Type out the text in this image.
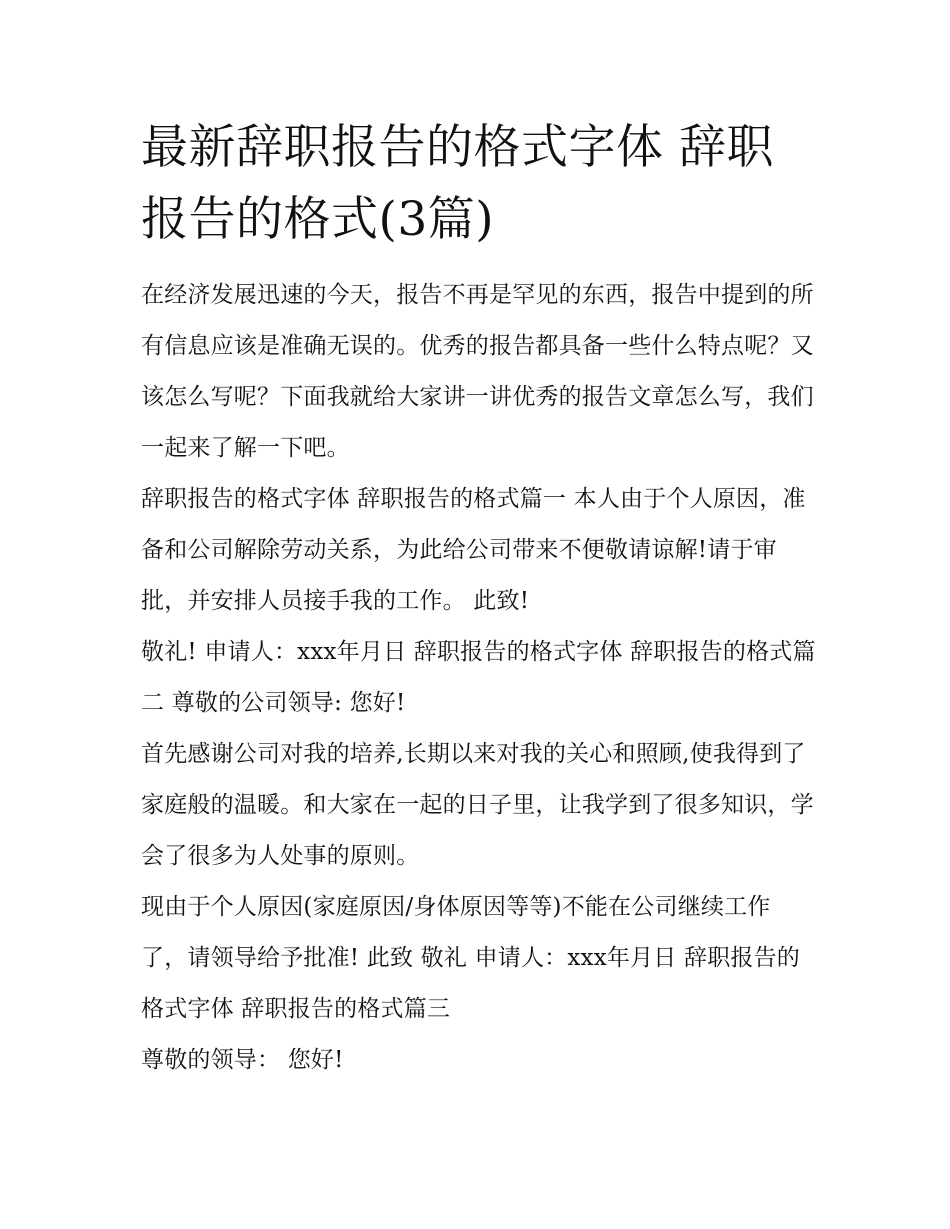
最新辞职报告的格式字体 辞职报告的格式(3篇)

在经济发展迅速的今天，报告不再是罕见的东西，报告中提到的所有信息应该是准确无误的。优秀的报告都具备一些什么特点呢？又该怎么写呢？下面我就给大家讲一讲优秀的报告文章怎么写，我们一起来了解一下吧。

辞职报告的格式字体 辞职报告的格式篇一 本人由于个人原因，准备和公司解除劳动关系，为此给公司带来不便敬请谅解!请于审批，并安排人员接手我的工作。 此致!

敬礼! 申请人：xxx年月日 辞职报告的格式字体 辞职报告的格式篇二 尊敬的公司领导: 您好!

首先感谢公司对我的培养,长期以来对我的关心和照顾,使我得到了家庭般的温暖。和大家在一起的日子里，让我学到了很多知识，学会了很多为人处事的原则。

现由于个人原因(家庭原因/身体原因等等)不能在公司继续工作了，请领导给予批准! 此致 敬礼 申请人：xxx年月日 辞职报告的格式字体 辞职报告的格式篇三

尊敬的领导： 您好!
